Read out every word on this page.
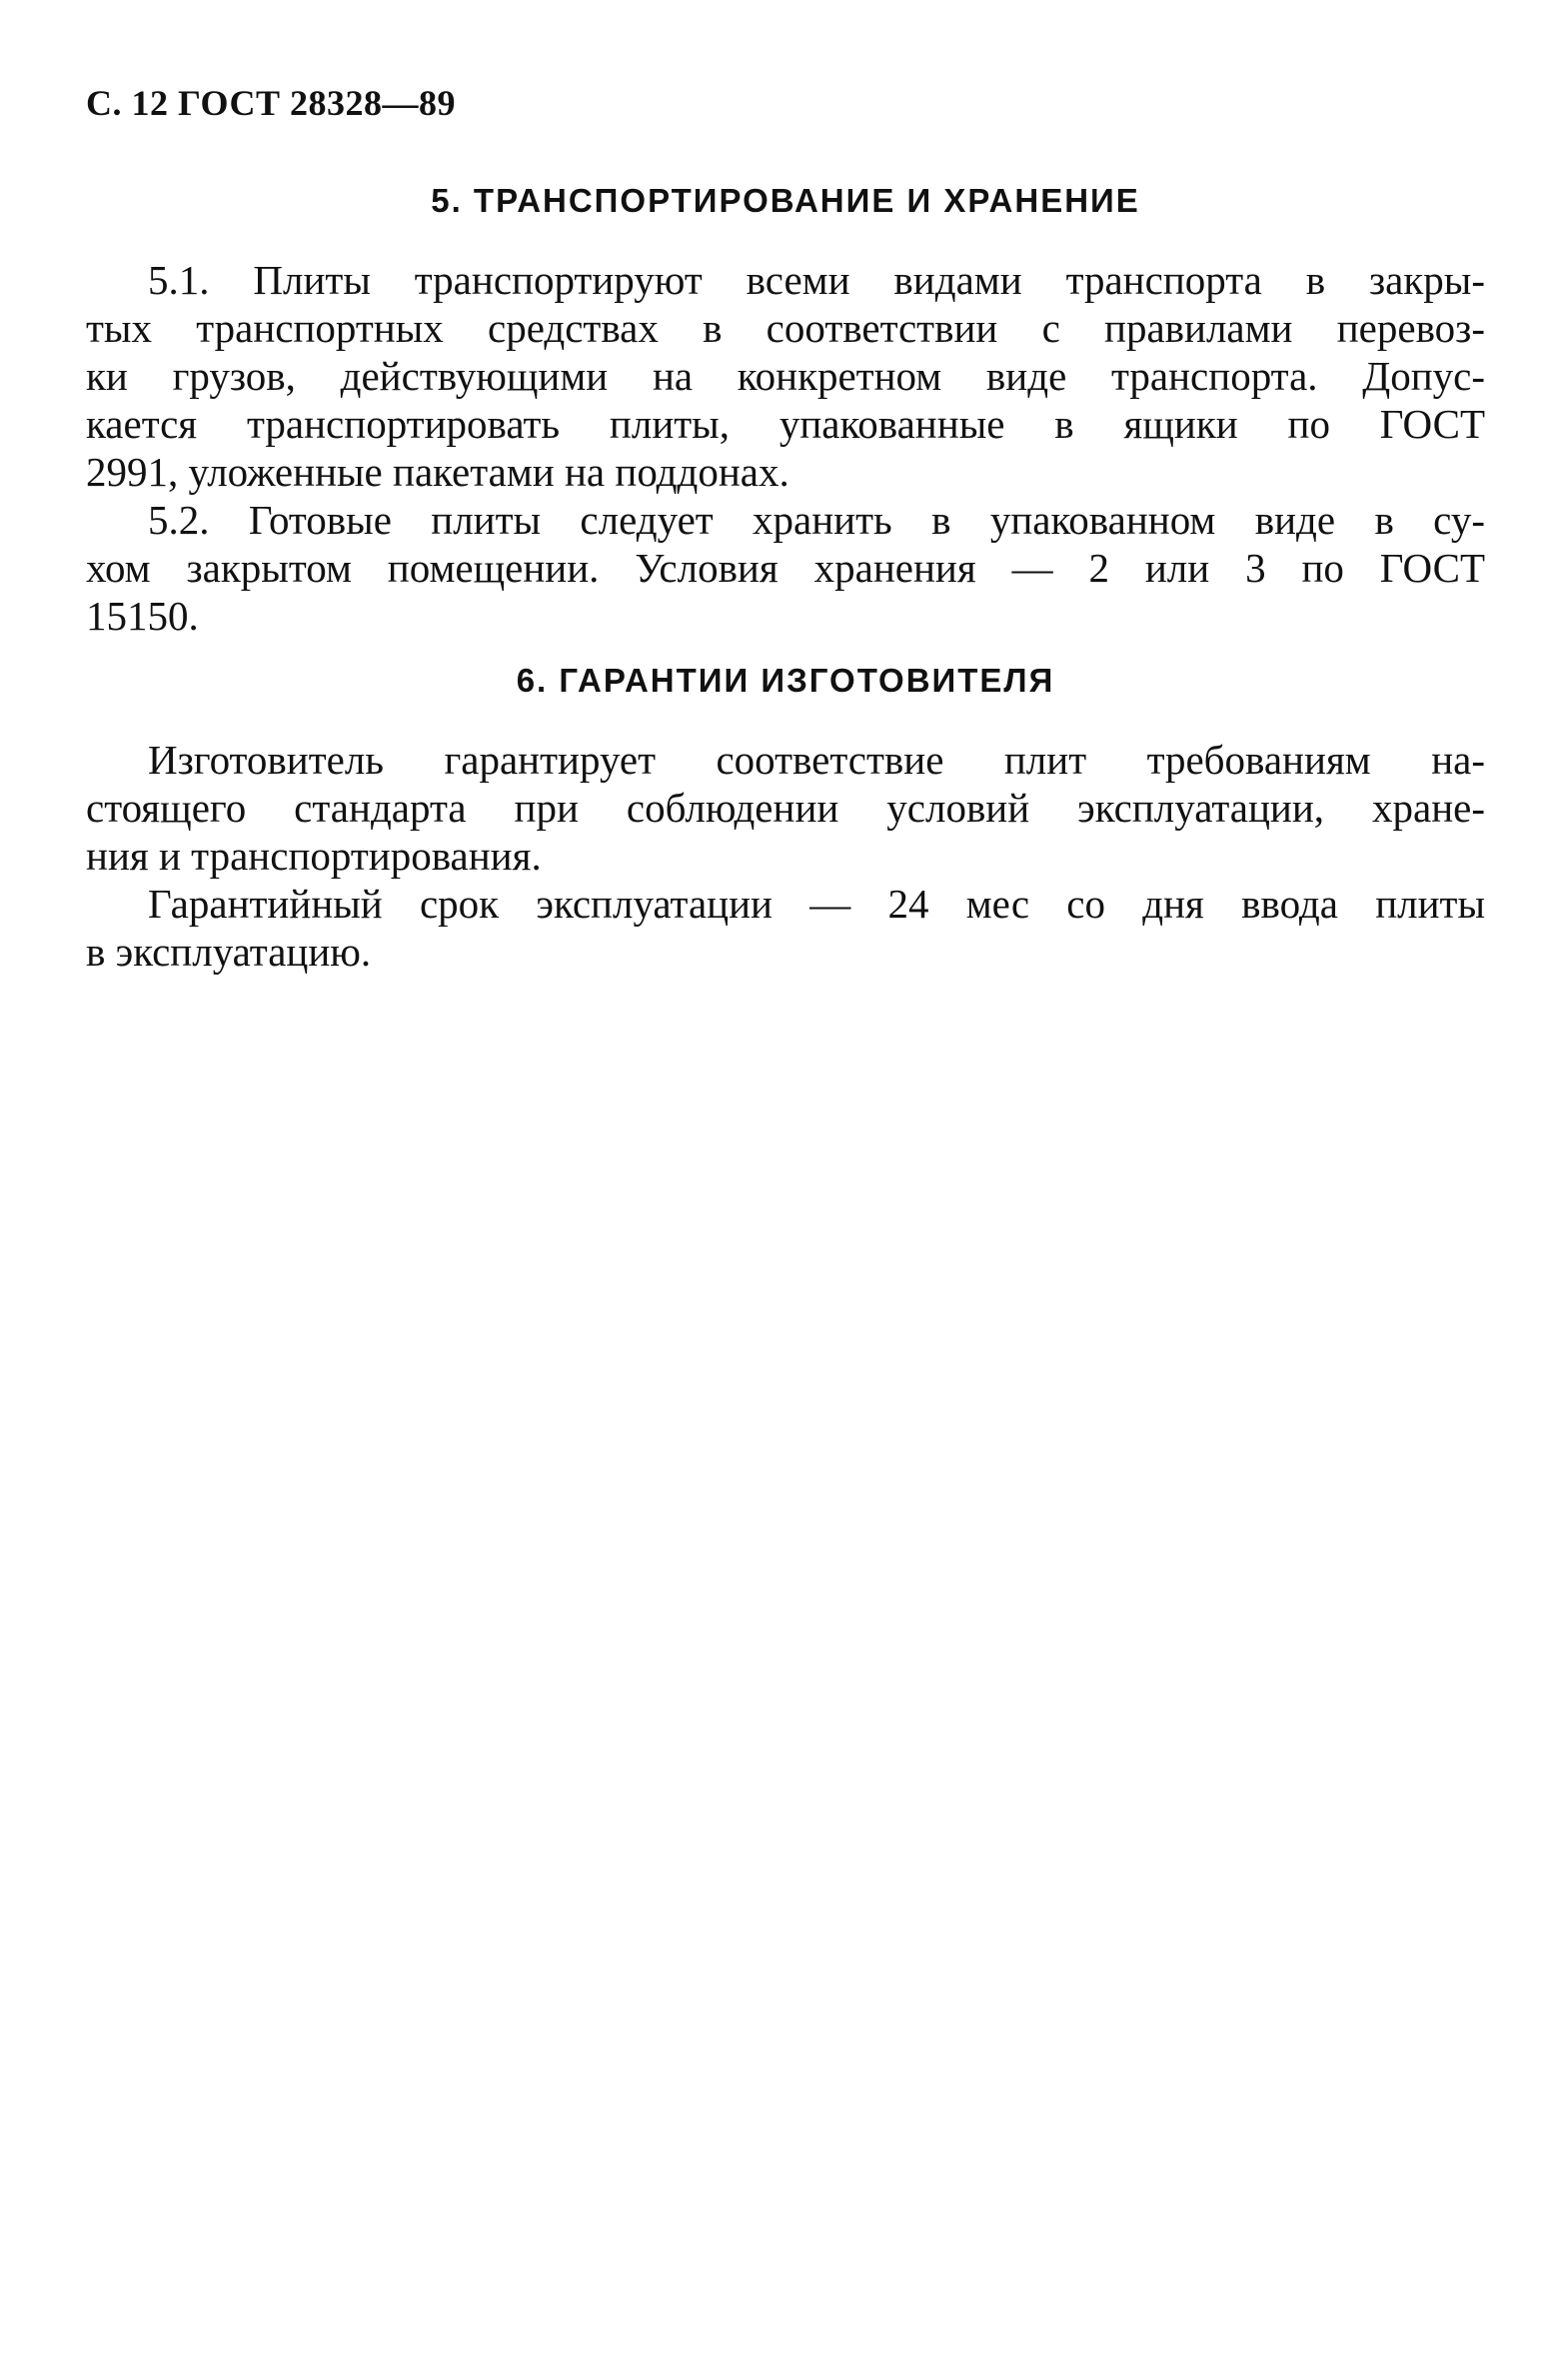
С. 12 ГОСТ 28328—89
5. ТРАНСПОРТИРОВАНИЕ И ХРАНЕНИЕ
5.1. Плиты транспортируют всеми видами транспорта в закры-
тых транспортных средствах в соответствии с правилами перевоз-
ки грузов, действующими на конкретном виде транспорта. Допус-
кается транспортировать плиты, упакованные в ящики по ГОСТ
2991, уложенные пакетами на поддонах.
5.2. Готовые плиты следует хранить в упакованном виде в су-
хом закрытом помещении. Условия хранения — 2 или 3 по ГОСТ
15150.
6. ГАРАНТИИ ИЗГОТОВИТЕЛЯ
Изготовитель гарантирует соответствие плит требованиям на-
стоящего стандарта при соблюдении условий эксплуатации, хране-
ния и транспортирования.
Гарантийный срок эксплуатации — 24 мес со дня ввода плиты
в эксплуатацию.
